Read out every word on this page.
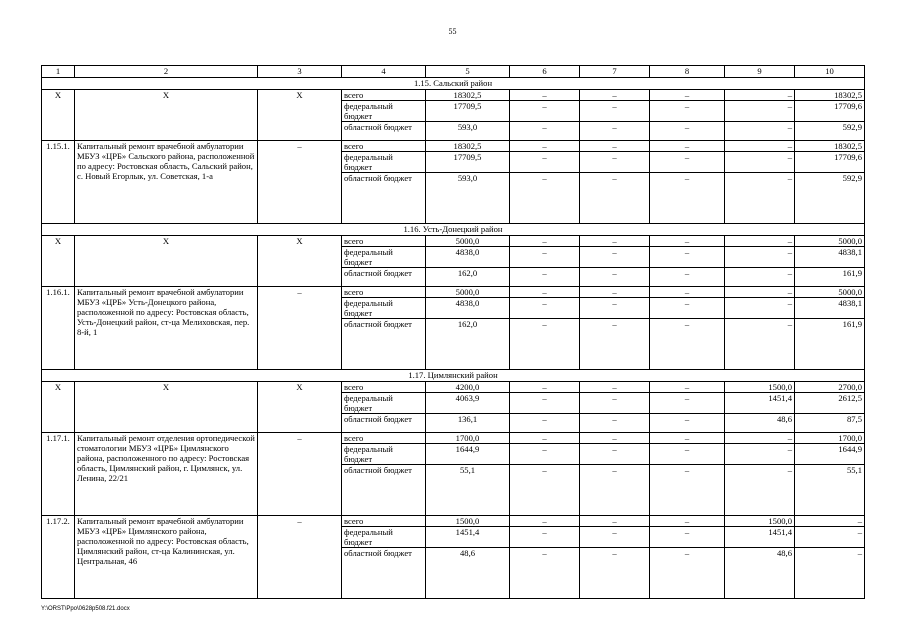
55
1	2	3	4	5	6	7	8	9	10
1.15. Сальский район									
Х	Х	Х	всего	18302,5	–	–	–	–	18302,5
			федеральный бюджет	17709,5	–	–	–	–	17709,6
			областной бюджет	593,0	–	–	–	–	592,9
1.15.1.	Капитальный ремонт врачебной амбулатории МБУЗ «ЦРБ» Сальского района, расположенной по адресу: Ростовская область, Сальский район, с. Новый Егорлык, ул. Советская, 1-а	–	всего	18302,5	–	–	–	–	18302,5
			федеральный бюджет	17709,5	–	–	–	–	17709,6
			областной бюджет	593,0	–	–	–	–	592,9
1.16. Усть-Донецкий район									
Х	Х	Х	всего	5000,0	–	–	–	–	5000,0
			федеральный бюджет	4838,0	–	–	–	–	4838,1
			областной бюджет	162,0	–	–	–	–	161,9
1.16.1.	Капитальный ремонт врачебной амбулатории МБУЗ «ЦРБ» Усть-Донецкого района, расположенной по адресу: Ростовская область, Усть-Донецкий район, ст-ца Мелиховская, пер. 8-й, 1	–	всего	5000,0	–	–	–	–	5000,0
			федеральный бюджет	4838,0	–	–	–	–	4838,1
			областной бюджет	162,0	–	–	–	–	161,9
1.17. Цимлянский район									
Х	Х	Х	всего	4200,0	–	–	–	1500,0	2700,0
			федеральный бюджет	4063,9	–	–	–	1451,4	2612,5
			областной бюджет	136,1	–	–	–	48,6	87,5
1.17.1.	Капитальный ремонт отделения ортопедической стоматологии МБУЗ «ЦРБ» Цимлянского района, расположенного по адресу: Ростовская область, Цимлянский район, г. Цимлянск, ул. Ленина, 22/21	–	всего	1700,0	–	–	–	–	1700,0
			федеральный бюджет	1644,9	–	–	–	–	1644,9
			областной бюджет	55,1	–	–	–	–	55,1
1.17.2.	Капитальный ремонт врачебной амбулатории МБУЗ «ЦРБ» Цимлянского района, расположенной по адресу: Ростовская область, Цимлянский район, ст-ца Калининская, ул. Центральная, 46	–	всего	1500,0	–	–	–	1500,0	–
			федеральный бюджет	1451,4	–	–	–	1451,4	–
			областной бюджет	48,6	–	–	–	48,6	–
Y:\ORST\Ppo\0628p508.f21.docx
